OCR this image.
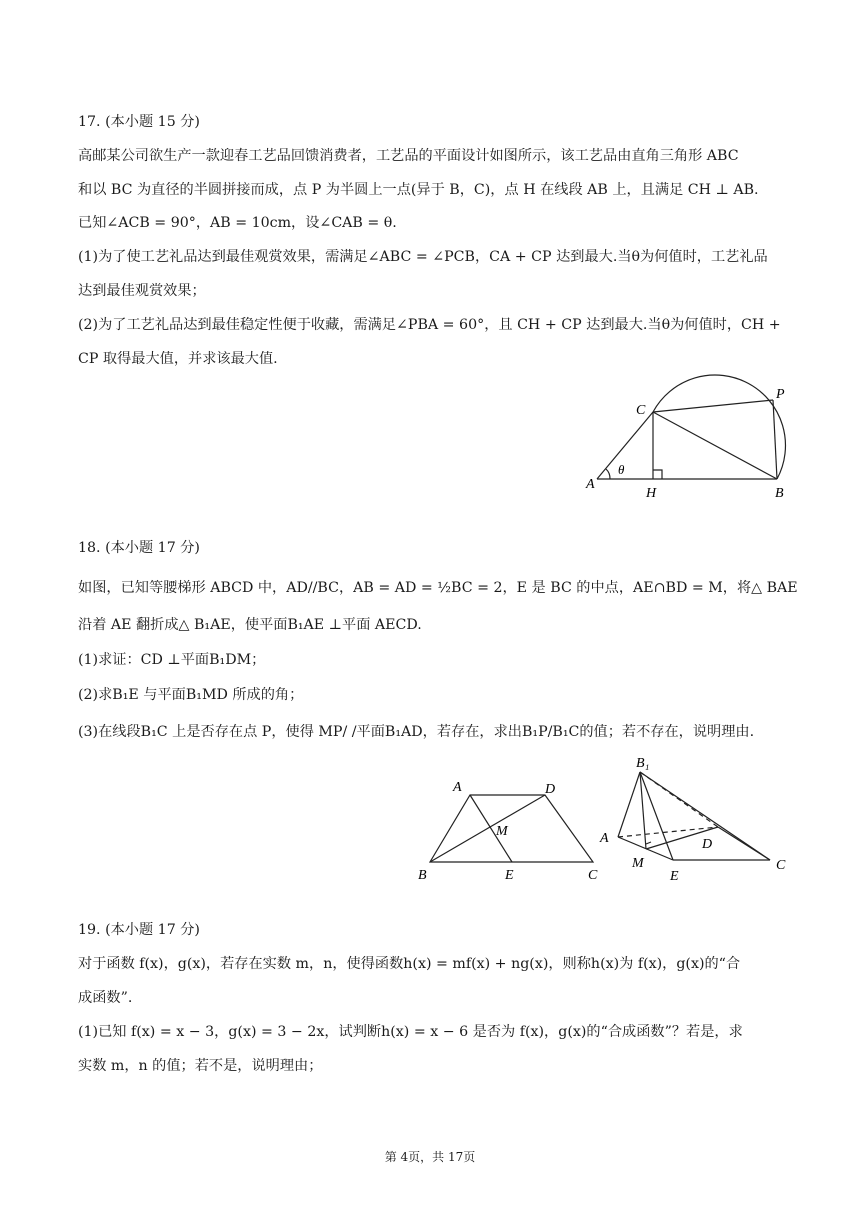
17. (本小题 15 分)
高邮某公司欲生产一款迎春工艺品回馈消费者，工艺品的平面设计如图所示，该工艺品由直角三角形 ABC
和以 BC 为直径的半圆拼接而成，点 P 为半圆上一点(异于 B，C)，点 H 在线段 AB 上，且满足 CH ⊥ AB.
已知∠ACB = 90°，AB = 10cm，设∠CAB = θ.
(1)为了使工艺礼品达到最佳观赏效果，需满足∠ABC = ∠PCB，CA + CP 达到最大.当θ为何值时，工艺礼品
达到最佳观赏效果；
(2)为了工艺礼品达到最佳稳定性便于收藏，需满足∠PBA = 60°，且 CH + CP 达到最大.当θ为何值时，CH +
CP 取得最大值，并求该最大值.
A
H	B
C
P
θ
18. (本小题 17 分)
如图，已知等腰梯形 ABCD 中，AD//BC，AB = AD = ½BC = 2，E 是 BC 的中点，AE∩BD = M，将△ BAE
沿着 AE 翻折成△ B₁AE，使平面B₁AE ⊥平面 AECD.
(1)求证：CD ⊥平面B₁DM；
(2)求B₁E 与平面B₁MD 所成的角；
(3)在线段B₁C 上是否存在点 P，使得 MP/ /平面B₁AD，若存在，求出B₁P/B₁C的值；若不存在，说明理由.
A	D
M
B	E	C
B₁
A
M
E
D
C
19. (本小题 17 分)
对于函数 f(x)，g(x)，若存在实数 m，n，使得函数h(x) = mf(x) + ng(x)，则称h(x)为 f(x)，g(x)的“合
成函数”.
(1)已知 f(x) = x − 3，g(x) = 3 − 2x，试判断h(x) = x − 6 是否为 f(x)，g(x)的“合成函数”？若是，求
实数 m，n 的值；若不是，说明理由；
第 4页，共 17页
